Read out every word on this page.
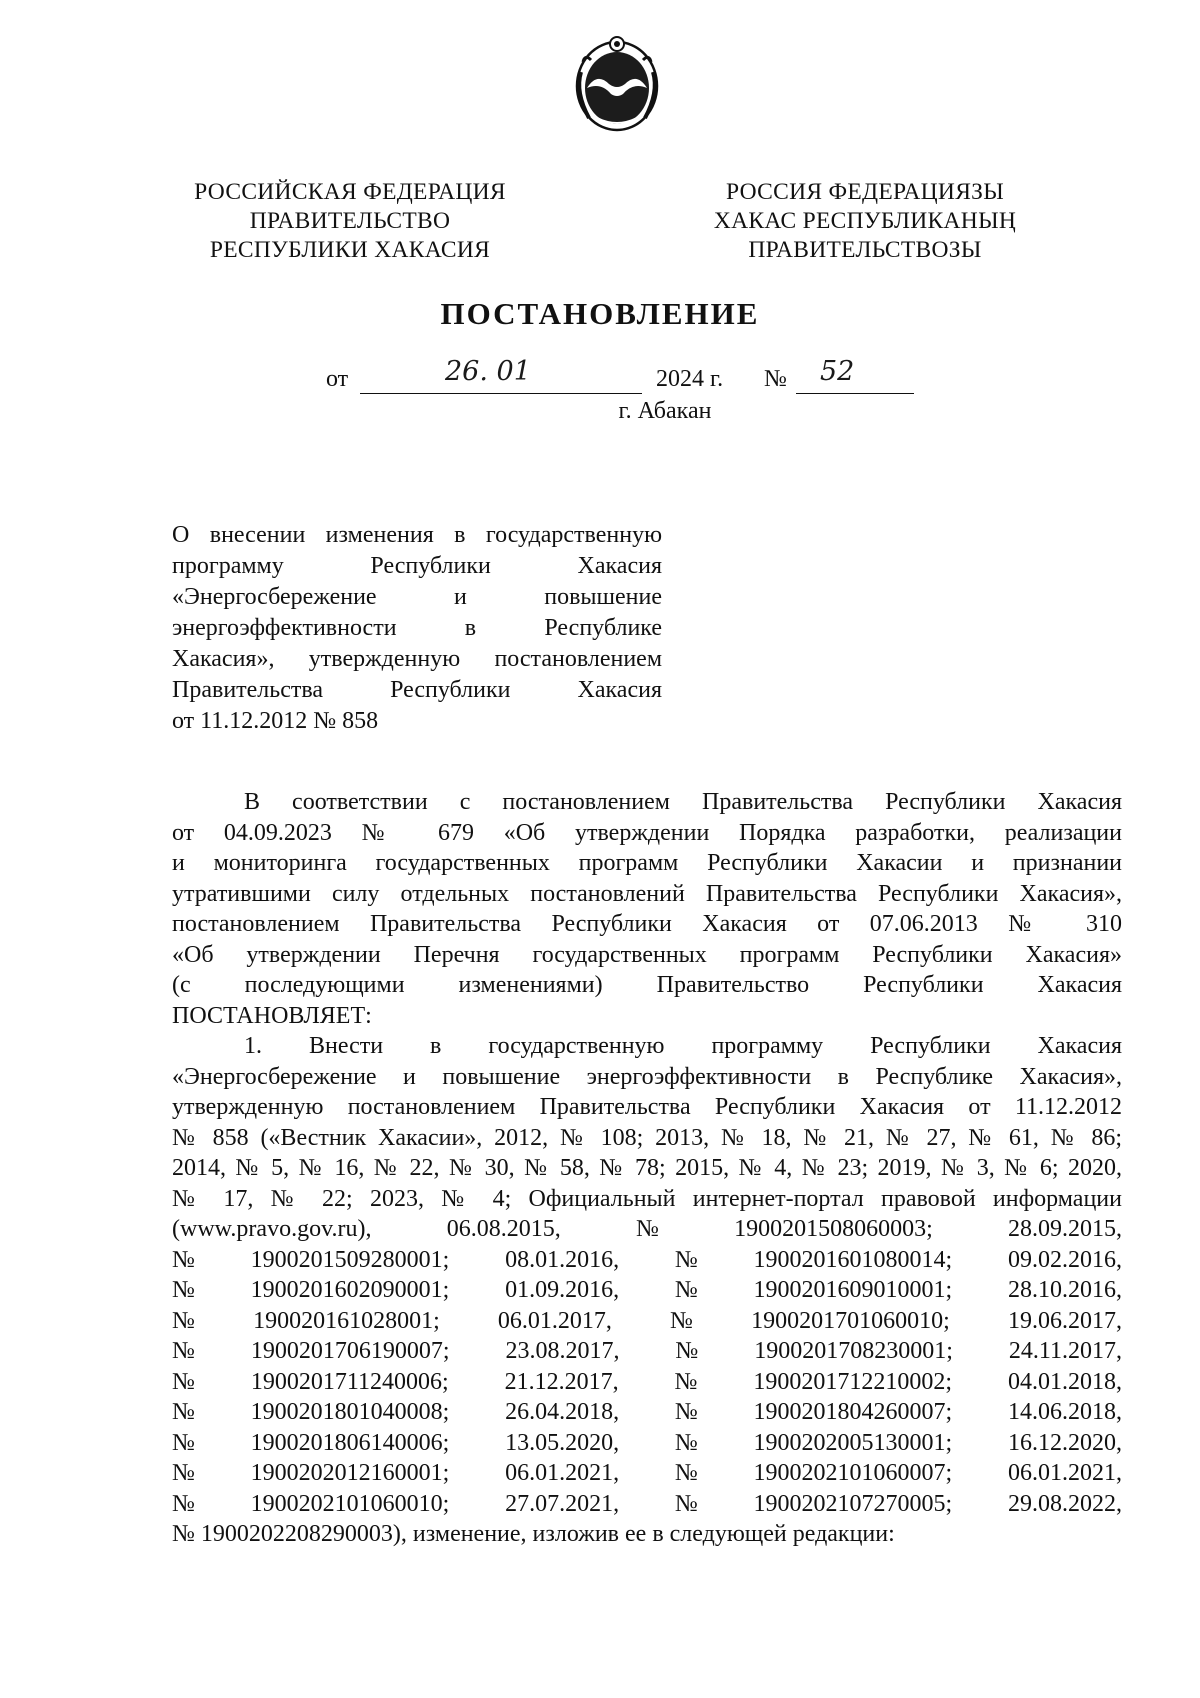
РОССИЙСКАЯ ФЕДЕРАЦИЯ
ПРАВИТЕЛЬСТВО
РЕСПУБЛИКИ ХАКАСИЯ
РОССИЯ ФЕДЕРАЦИЯЗЫ
ХАКАС РЕСПУБЛИКАНЫҢ
ПРАВИТЕЛЬСТВОЗЫ
ПОСТАНОВЛЕНИЕ
от	26. 01	2024 г. № 52
г. Абакан
О внесении изменения в государственную
программу Республики Хакасия
«Энергосбережение и повышение
энергоэффективности в Республике
Хакасия», утвержденную постановлением
Правительства Республики Хакасия
от 11.12.2012 № 858
В соответствии с постановлением Правительства Республики Хакасия
от 04.09.2023 № 679 «Об утверждении Порядка разработки, реализации
и мониторинга государственных программ Республики Хакасии и признании
утратившими силу отдельных постановлений Правительства Республики Хакасия»,
постановлением Правительства Республики Хакасия от 07.06.2013 № 310
«Об утверждении Перечня государственных программ Республики Хакасия»
(с последующими изменениями) Правительство Республики Хакасия
ПОСТАНОВЛЯЕТ:
1. Внести в государственную программу Республики Хакасия
«Энергосбережение и повышение энергоэффективности в Республике Хакасия»,
утвержденную постановлением Правительства Республики Хакасия от 11.12.2012
№ 858 («Вестник Хакасии», 2012, № 108; 2013, № 18, № 21, № 27, № 61, № 86;
2014, № 5, № 16, № 22, № 30, № 58, № 78; 2015, № 4, № 23; 2019, № 3, № 6; 2020,
№ 17, № 22; 2023, № 4; Официальный интернет-портал правовой информации
(www.pravo.gov.ru),	06.08.2015,	№	1900201508060003;	28.09.2015,
№ 1900201509280001; 08.01.2016, № 1900201601080014; 09.02.2016,
№ 1900201602090001; 01.09.2016, № 1900201609010001; 28.10.2016,
№ 190020161028001; 06.01.2017, № 1900201701060010; 19.06.2017,
№ 1900201706190007; 23.08.2017, № 1900201708230001; 24.11.2017,
№ 1900201711240006; 21.12.2017, № 1900201712210002; 04.01.2018,
№ 1900201801040008; 26.04.2018, № 1900201804260007; 14.06.2018,
№ 1900201806140006; 13.05.2020, № 1900202005130001; 16.12.2020,
№ 1900202012160001; 06.01.2021, № 1900202101060007; 06.01.2021,
№ 1900202101060010; 27.07.2021, № 1900202107270005; 29.08.2022,
№ 1900202208290003), изменение, изложив ее в следующей редакции:
